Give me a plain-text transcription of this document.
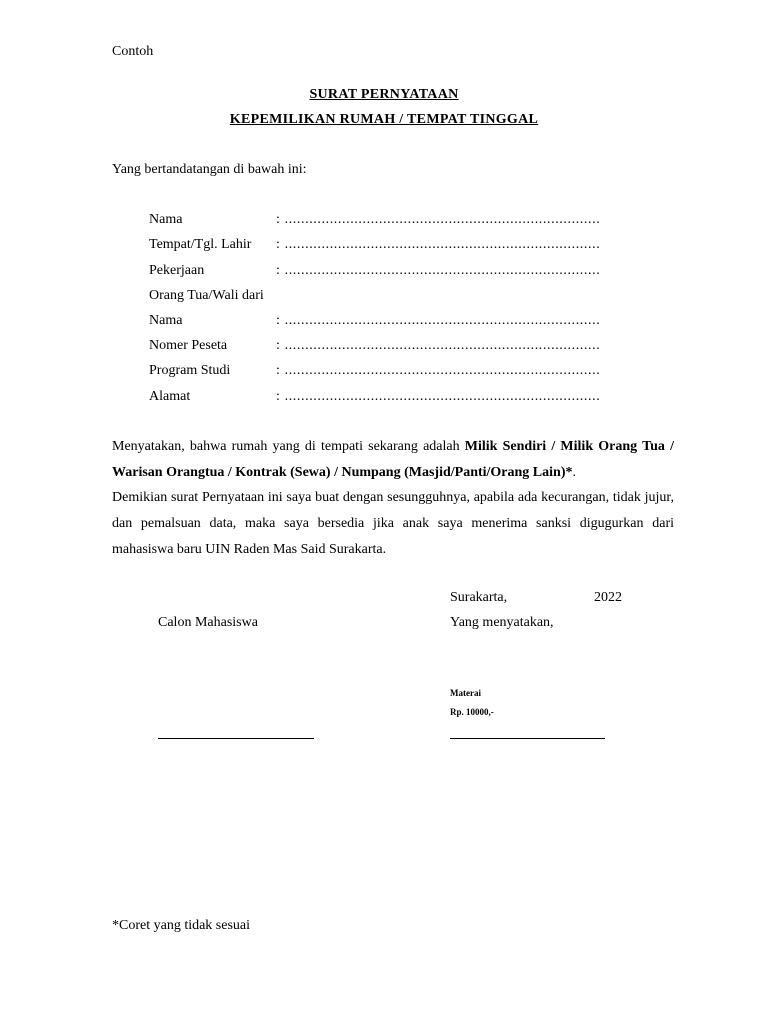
Contoh
SURAT PERNYATAAN
KEPEMILIKAN RUMAH / TEMPAT TINGGAL
Yang bertandatangan di bawah ini:
Nama	: .............................................................................
Tempat/Tgl. Lahir : .............................................................................
Pekerjaan	: .............................................................................
Orang Tua/Wali dari
Nama	: .............................................................................
Nomer Peseta	: .............................................................................
Program Studi	: .............................................................................
Alamat	: .............................................................................
Menyatakan, bahwa rumah yang di tempati sekarang adalah Milik Sendiri / Milik Orang Tua / Warisan Orangtua / Kontrak (Sewa) / Numpang (Masjid/Panti/Orang Lain)*.
Demikian surat Pernyataan ini saya buat dengan sesungguhnya, apabila ada kecurangan, tidak jujur, dan pemalsuan data, maka saya bersedia jika anak saya menerima sanksi digugurkan dari mahasiswa baru UIN Raden Mas Said Surakarta.
Surakarta,	2022
Calon Mahasiswa	Yang menyatakan,
Materai
Rp. 10000,-
*Coret yang tidak sesuai
